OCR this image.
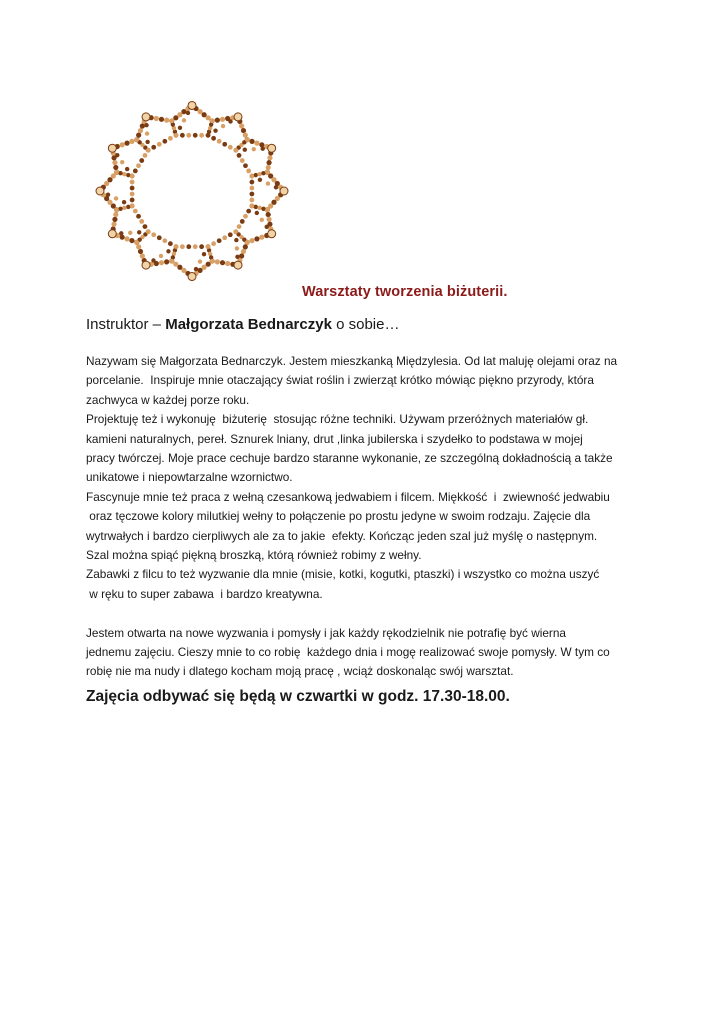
Warsztaty tworzenia biżuterii.
Instruktor – Małgorzata Bednarczyk o sobie…
Nazywam się Małgorzata Bednarczyk. Jestem mieszkanką Międzylesia. Od lat maluję olejami oraz na
porcelanie.  Inspiruje mnie otaczający świat roślin i zwierząt krótko mówiąc piękno przyrody, która
zachwyca w każdej porze roku.
Projektuję też i wykonuję  biżuterię  stosując różne techniki. Używam przeróżnych materiałów gł.
kamieni naturalnych, pereł. Sznurek lniany, drut ,linka jubilerska i szydełko to podstawa w mojej
pracy twórczej. Moje prace cechuje bardzo staranne wykonanie, ze szczególną dokładnością a także
unikatowe i niepowtarzalne wzornictwo.
Fascynuje mnie też praca z wełną czesankową jedwabiem i filcem. Miękkość  i  zwiewność jedwabiu
oraz tęczowe kolory milutkiej wełny to połączenie po prostu jedyne w swoim rodzaju. Zajęcie dla
wytrwałych i bardzo cierpliwych ale za to jakie  efekty. Kończąc jeden szal już myślę o następnym.
Szal można spiąć piękną broszką, którą również robimy z wełny.
Zabawki z filcu to też wyzwanie dla mnie (misie, kotki, kogutki, ptaszki) i wszystko co można uszyć
w ręku to super zabawa  i bardzo kreatywna.
Jestem otwarta na nowe wyzwania i pomysły i jak każdy rękodzielnik nie potrafię być wierna
jednemu zajęciu. Cieszy mnie to co robię  każdego dnia i mogę realizować swoje pomysły. W tym co
robię nie ma nudy i dlatego kocham moją pracę , wciąż doskonaląc swój warsztat.
Zajęcia odbywać się będą w czwartki w godz. 17.30-18.00.
